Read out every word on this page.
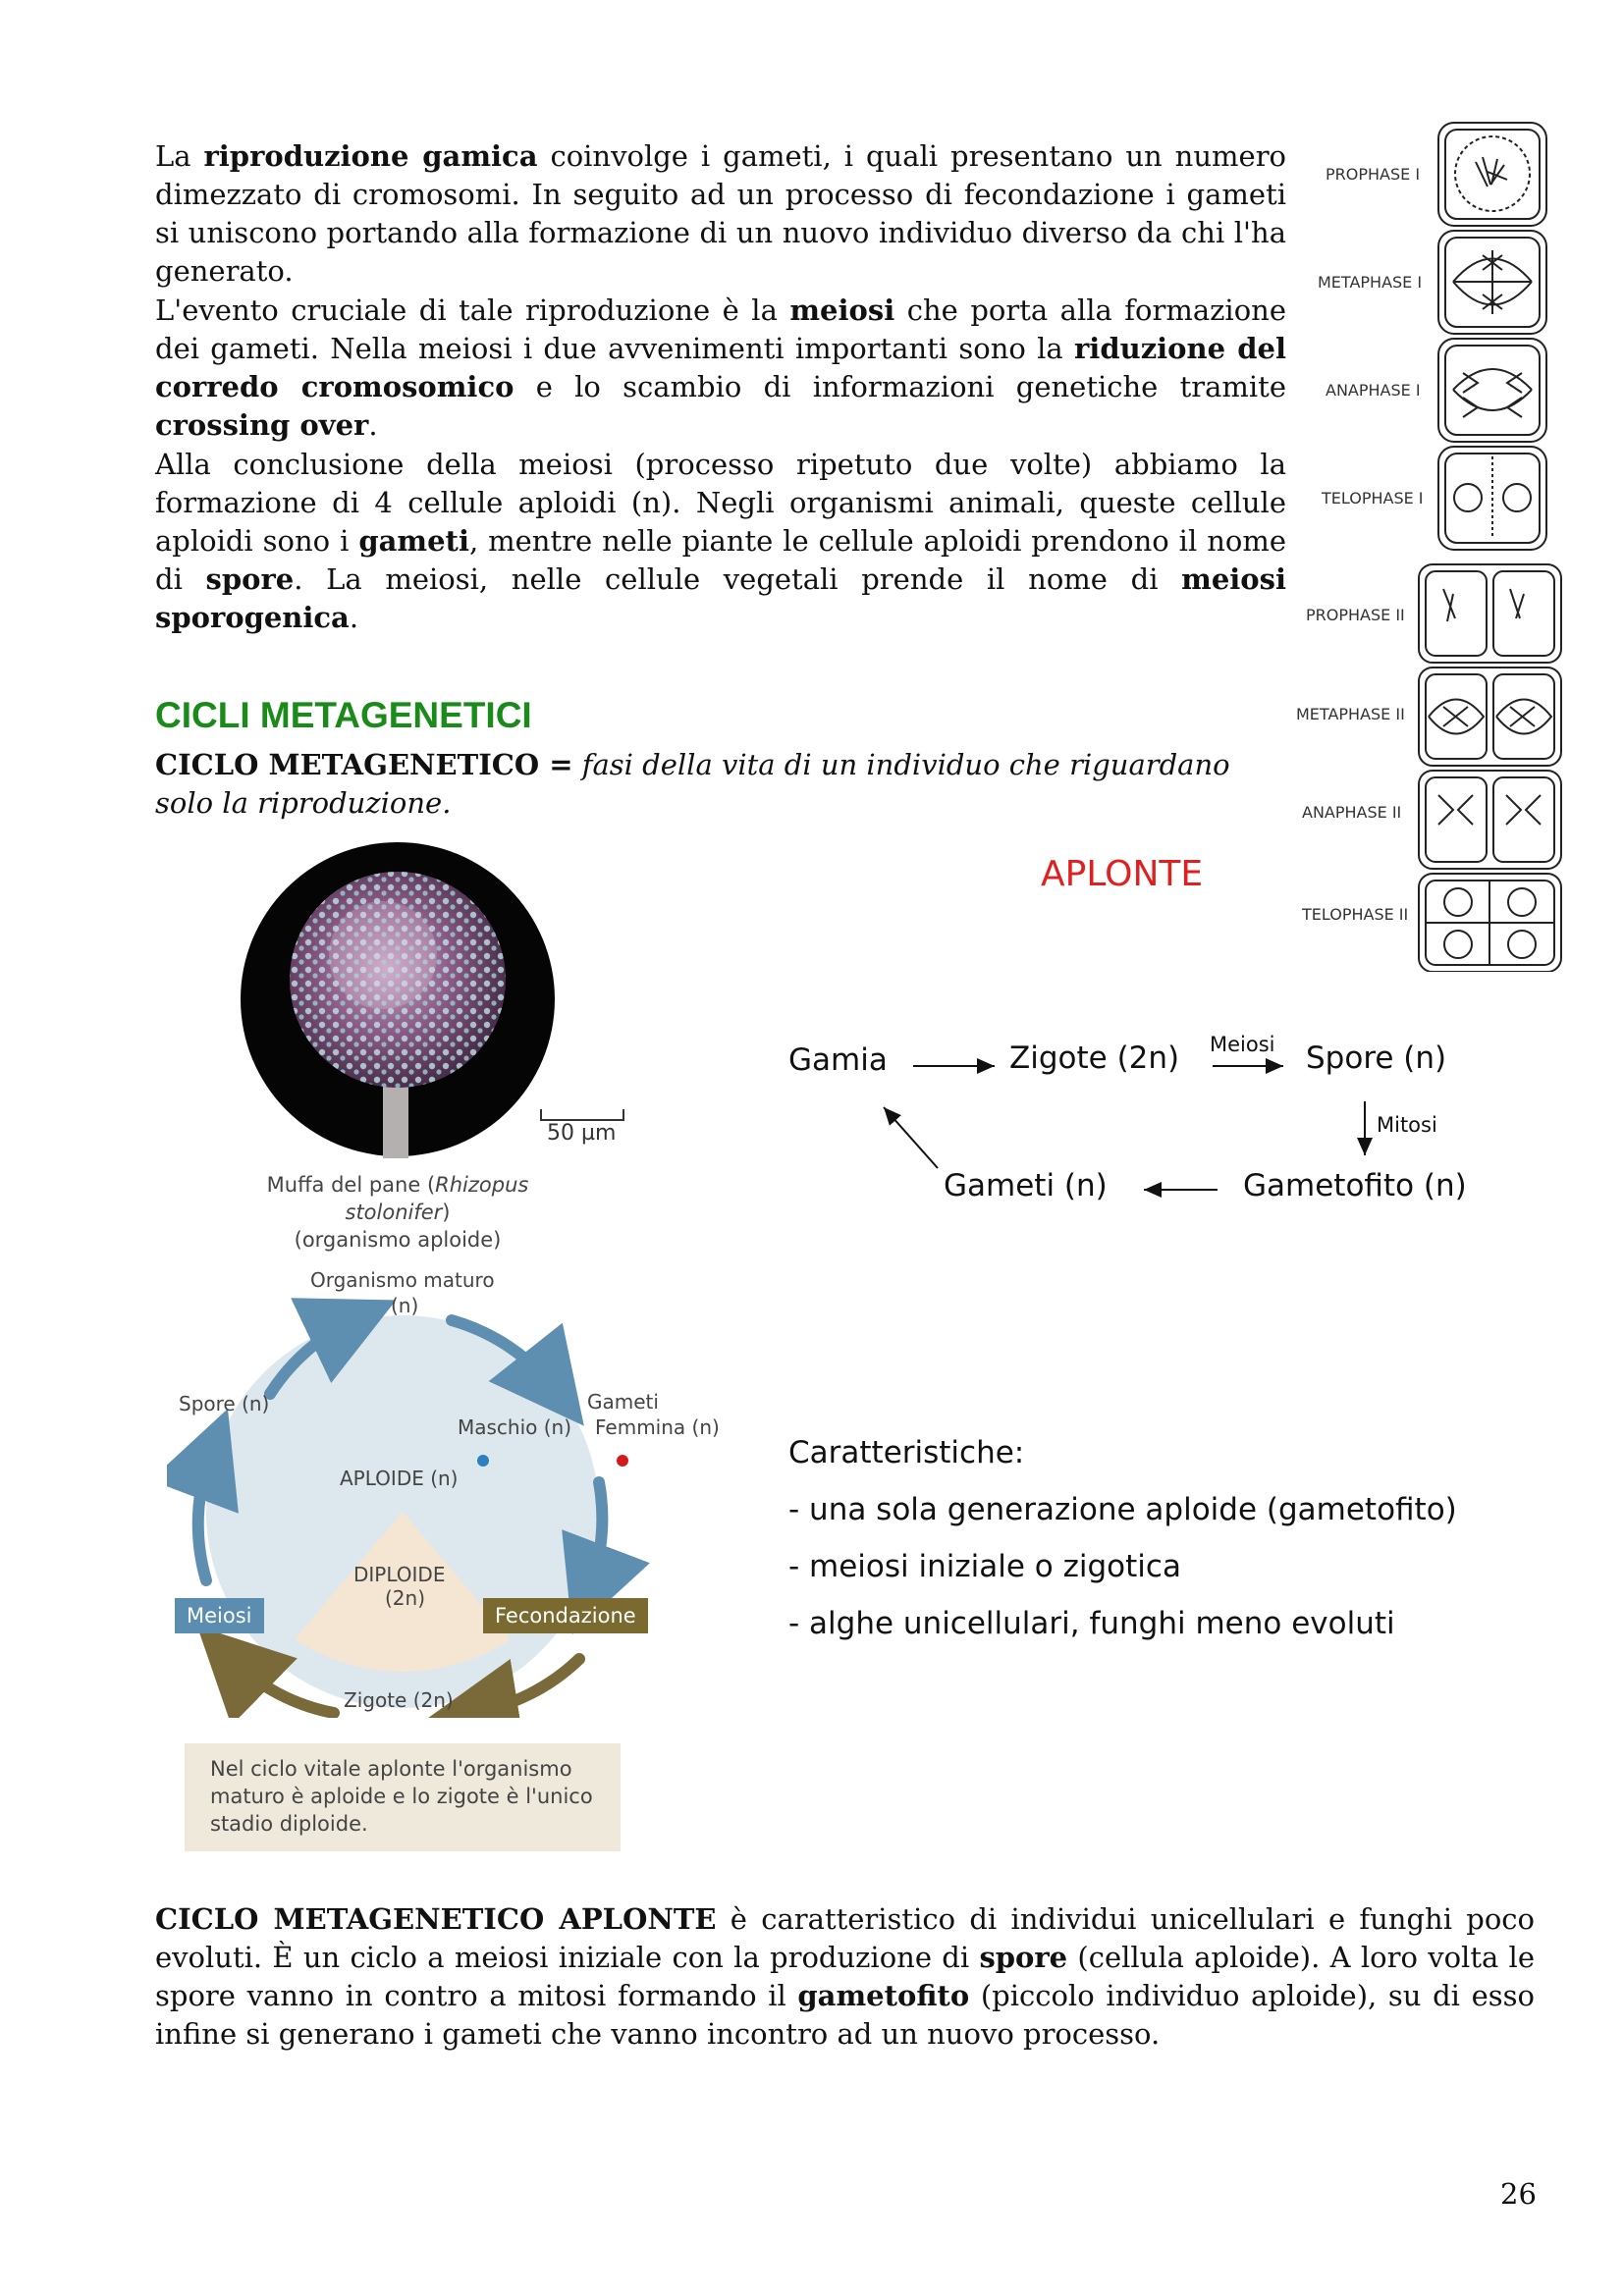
La riproduzione gamica coinvolge i gameti, i quali presentano un numero dimezzato di cromosomi. In seguito ad un processo di fecondazione i gameti si uniscono portando alla formazione di un nuovo individuo diverso da chi l'ha generato.

L'evento cruciale di tale riproduzione è la meiosi che porta alla formazione dei gameti. Nella meiosi i due avvenimenti importanti sono la riduzione del corredo cromosomico e lo scambio di informazioni genetiche tramite crossing over.

Alla conclusione della meiosi (processo ripetuto due volte) abbiamo la formazione di 4 cellule aploidi (n). Negli organismi animali, queste cellule aploidi sono i gameti, mentre nelle piante le cellule aploidi prendono il nome di spore. La meiosi, nelle cellule vegetali prende il nome di meiosi sporogenica.

PROPHASE I
METAPHASE I
ANAPHASE I
TELOPHASE I
PROPHASE II
METAPHASE II
ANAPHASE II
TELOPHASE II
CICLI METAGENETICI

CICLO METAGENETICO = fasi della vita di un individuo che riguardano solo la riproduzione.

APLONTE
50 µm
Muffa del pane (Rhizopus stolonifer)
(organismo aploide)
Gamia	Zigote (2n) Meiosi Spore (n)
Mitosi
Gameti (n)	Gametofito (n)
Organismo maturo
(n)
Spore (n)	Gameti
Maschio (n) Femmina (n)
APLOIDE (n)
DIPLOIDE
(2n)
Zigote (2n)
Meiosi	Fecondazione
Nel ciclo vitale aplonte l'organismo
maturo è aploide e lo zigote è l'unico
stadio diploide.
Caratteristiche:
- una sola generazione aploide (gametofito)
- meiosi iniziale o zigotica
- alghe unicellulari, funghi meno evoluti

CICLO METAGENETICO APLONTE è caratteristico di individui unicellulari e funghi poco evoluti. È un ciclo a meiosi iniziale con la produzione di spore (cellula aploide). A loro volta le spore vanno in contro a mitosi formando il gametofito (piccolo individuo aploide), su di esso infine si generano i gameti che vanno incontro ad un nuovo processo.

26
